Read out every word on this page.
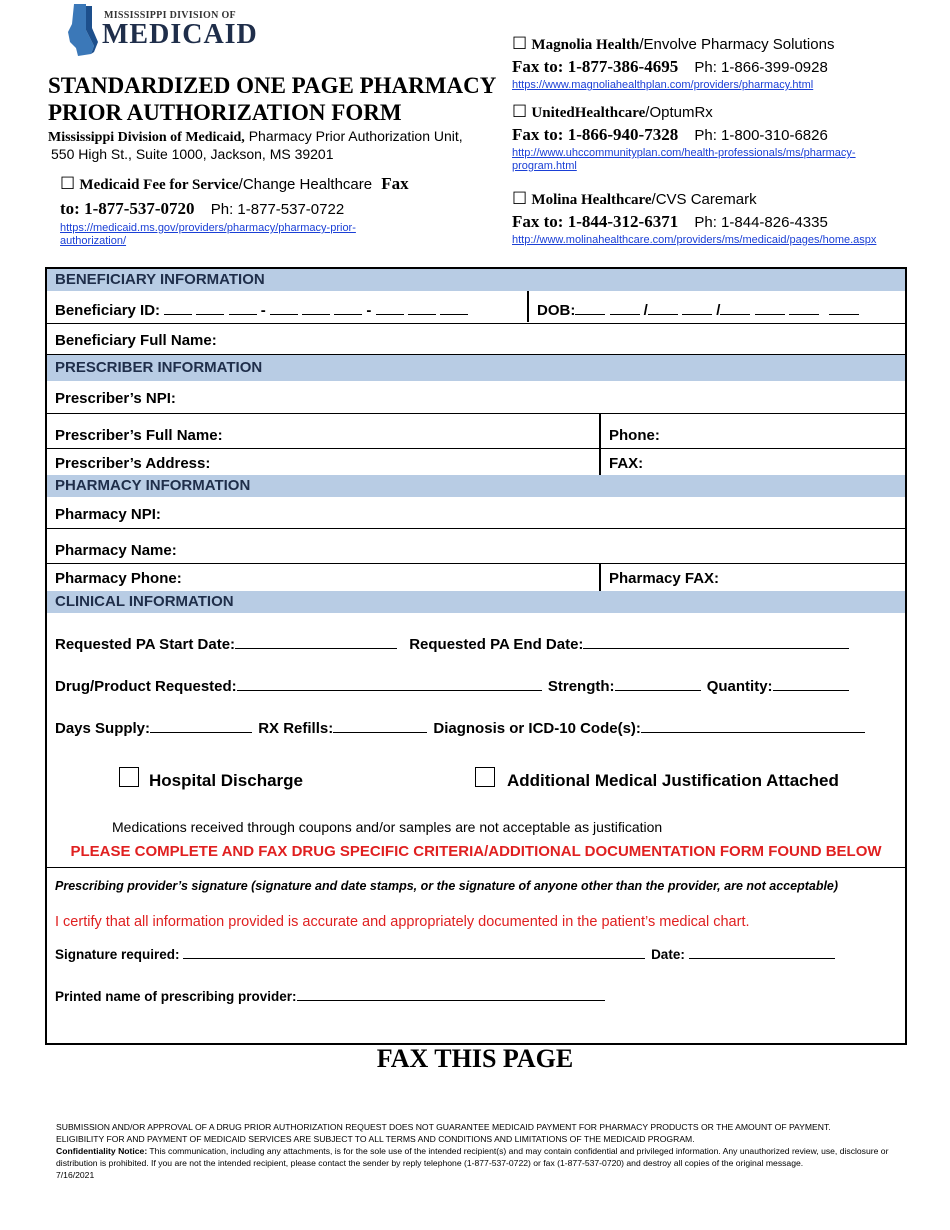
MISSISSIPPI DIVISION OF
MEDICAID
STANDARDIZED ONE PAGE PHARMACY
PRIOR AUTHORIZATION FORM
Mississippi Division of Medicaid, Pharmacy Prior Authorization Unit,
550 High St., Suite 1000, Jackson, MS 39201
☐ Medicaid Fee for Service/Change Healthcare Fax
to: 1-877-537-0720 Ph: 1-877-537-0722
https://medicaid.ms.gov/providers/pharmacy/pharmacy-prior-
authorization/
☐ Magnolia Health/Envolve Pharmacy Solutions
Fax to: 1-877-386-4695 Ph: 1-866-399-0928
https://www.magnoliahealthplan.com/providers/pharmacy.html
☐ UnitedHealthcare/OptumRx
Fax to: 1-866-940-7328 Ph: 1-800-310-6826
http://www.uhccommunityplan.com/health-professionals/ms/pharmacy-
program.html
☐ Molina Healthcare/CVS Caremark
Fax to: 1-844-312-6371 Ph: 1-844-826-4335
http://www.molinahealthcare.com/providers/ms/medicaid/pages/home.aspx
BENEFICIARY INFORMATION
Beneficiary ID:	-	-	DOB:	/	/
Beneficiary Full Name:
PRESCRIBER INFORMATION
Prescriber’s NPI:
Prescriber’s Full Name:	Phone:
Prescriber’s Address:	FAX:
PHARMACY INFORMATION
Pharmacy NPI:
Pharmacy Name:
Pharmacy Phone:	Pharmacy FAX:
CLINICAL INFORMATION
Requested PA Start Date:	Requested PA End Date:
Drug/Product Requested:	Strength:	Quantity:
Days Supply:	RX Refills:	Diagnosis or ICD-10 Code(s):
Hospital Discharge	Additional Medical Justification Attached
Medications received through coupons and/or samples are not acceptable as justification
PLEASE COMPLETE AND FAX DRUG SPECIFIC CRITERIA/ADDITIONAL DOCUMENTATION FORM FOUND BELOW
Prescribing provider’s signature (signature and date stamps, or the signature of anyone other than the provider, are not acceptable)
I certify that all information provided is accurate and appropriately documented in the patient’s medical chart.
Signature required:	Date:
Printed name of prescribing provider:
FAX THIS PAGE
SUBMISSION AND/OR APPROVAL OF A DRUG PRIOR AUTHORIZATION REQUEST DOES NOT GUARANTEE MEDICAID PAYMENT FOR PHARMACY PRODUCTS OR THE AMOUNT OF PAYMENT.
ELIGIBILITY FOR AND PAYMENT OF MEDICAID SERVICES ARE SUBJECT TO ALL TERMS AND CONDITIONS AND LIMITATIONS OF THE MEDICAID PROGRAM.
Confidentiality Notice: This communication, including any attachments, is for the sole use of the intended recipient(s) and may contain confidential and privileged information. Any unauthorized review, use, disclosure or distribution is prohibited. If you are not the intended recipient, please contact the sender by reply telephone (1-877-537-0722) or fax (1-877-537-0720) and destroy all copies of the original message.
7/16/2021
